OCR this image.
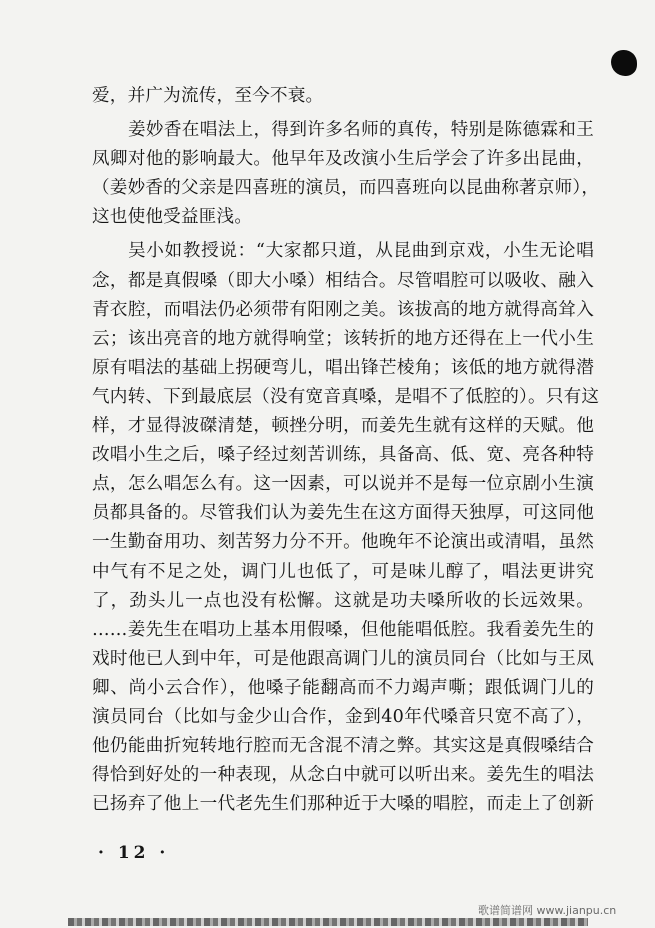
爱，并广为流传，至今不衰。
姜妙香在唱法上，得到许多名师的真传，特别是陈德霖和王
凤卿对他的影响最大。他早年及改演小生后学会了许多出昆曲，
（姜妙香的父亲是四喜班的演员，而四喜班向以昆曲称著京师），
这也使他受益匪浅。
吴小如教授说：“大家都只道，从昆曲到京戏，小生无论唱
念，都是真假嗓（即大小嗓）相结合。尽管唱腔可以吸收、融入
青衣腔，而唱法仍必须带有阳刚之美。该拔高的地方就得高耸入
云；该出亮音的地方就得响堂；该转折的地方还得在上一代小生
原有唱法的基础上拐硬弯儿，唱出锋芒棱角；该低的地方就得潜
气内转、下到最底层（没有宽音真嗓，是唱不了低腔的）。只有这
样，才显得波磔清楚，顿挫分明，而姜先生就有这样的天赋。他
改唱小生之后，嗓子经过刻苦训练，具备高、低、宽、亮各种特
点，怎么唱怎么有。这一因素，可以说并不是每一位京剧小生演
员都具备的。尽管我们认为姜先生在这方面得天独厚，可这同他
一生勤奋用功、刻苦努力分不开。他晚年不论演出或清唱，虽然
中气有不足之处，调门儿也低了，可是味儿醇了，唱法更讲究
了，劲头儿一点也没有松懈。这就是功夫嗓所收的长远效果。
……姜先生在唱功上基本用假嗓，但他能唱低腔。我看姜先生的
戏时他已人到中年，可是他跟高调门儿的演员同台（比如与王凤
卿、尚小云合作），他嗓子能翻高而不力竭声嘶；跟低调门儿的
演员同台（比如与金少山合作，金到40年代嗓音只宽不高了），
他仍能曲折宛转地行腔而无含混不清之弊。其实这是真假嗓结合
得恰到好处的一种表现，从念白中就可以听出来。姜先生的唱法
已扬弃了他上一代老先生们那种近于大嗓的唱腔，而走上了创新
· 12 ·
歌谱简谱网 www.jianpu.cn
